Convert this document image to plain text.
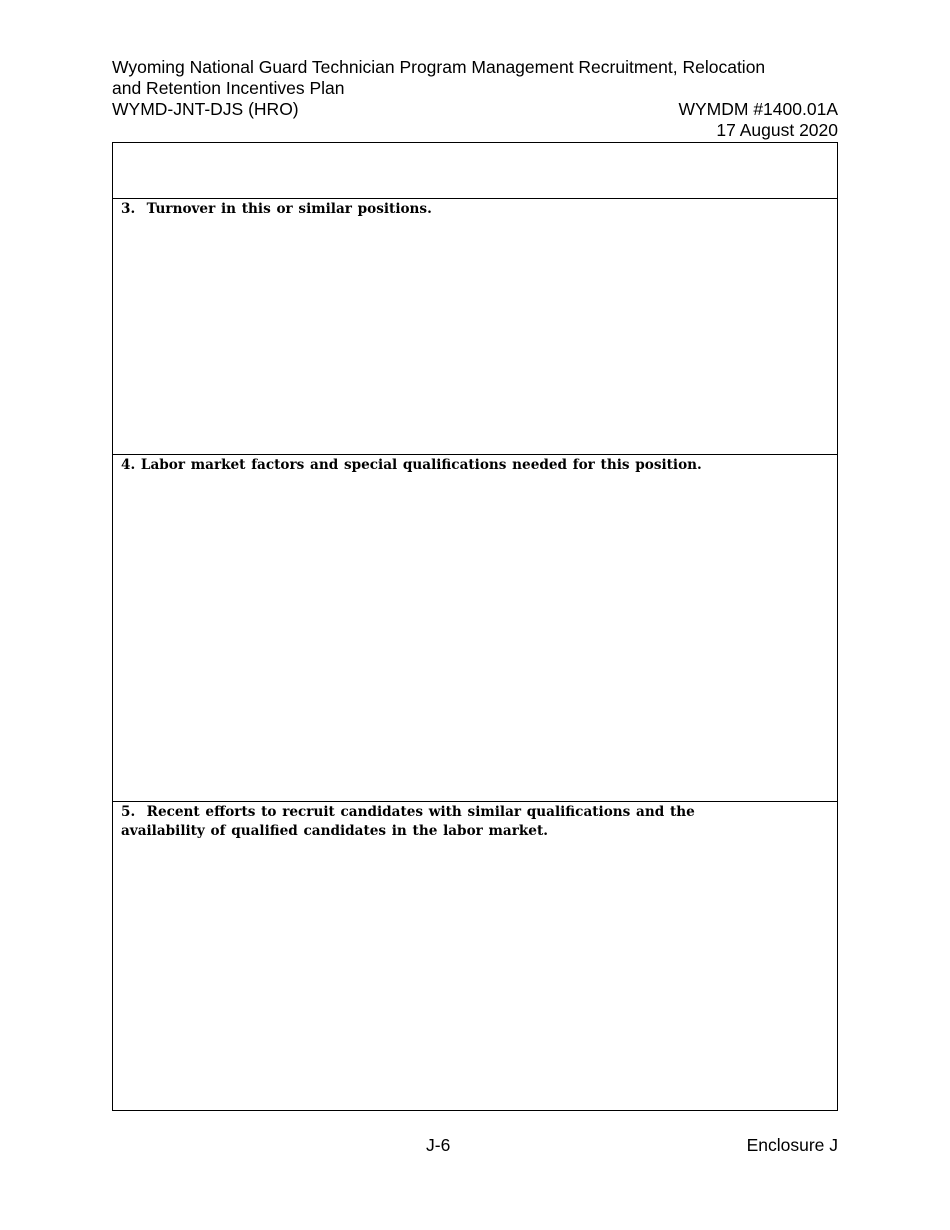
Wyoming National Guard Technician Program Management Recruitment, Relocation
and Retention Incentives Plan
WYMD-JNT-DJS (HRO)	WYMDM #1400.01A
17 August 2020
3.  Turnover in this or similar positions.
4. Labor market factors and special qualifications needed for this position.
5.  Recent efforts to recruit candidates with similar qualifications and the
availability of qualified candidates in the labor market.
J-6	Enclosure J
